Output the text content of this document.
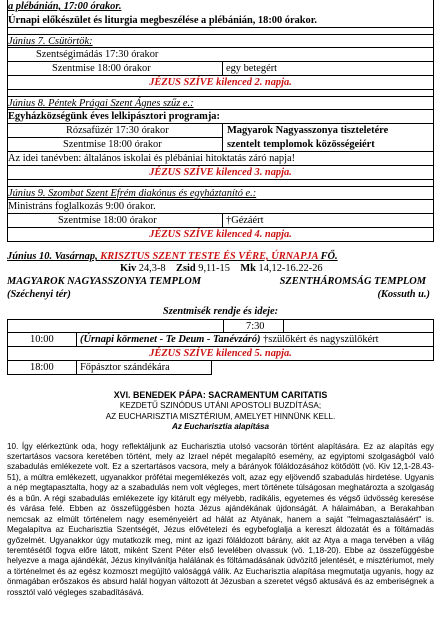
a plébánián, 17:00 órakor.
Úrnapi előkészület és liturgia megbeszélése a plébánián, 18:00 órakor.
Június 7. Csütörtök:
Szentségimádás 17:30 órakor
Szentmise 18:00 órakor	egy betegért
JÉZUS SZÍVE kilenced 2. napja.
Június 8. Péntek Prágai Szent Ágnes szűz e.:
Egyházközségünk éves lelkipásztori programja:
Rózsafüzér 17:30 órakor
Szentmise 18:00 órakor
Magyarok Nagyasszonya tiszteletére
szentelt templomok közösségeiért
Az idei tanévben: általános iskolai és plébániai hitoktatás záró napja!
JÉZUS SZÍVE kilenced 3. napja.
Június 9. Szombat Szent Efrém diakónus és egyháztanító e.:
Ministráns foglalkozás 9:00 órakor.
Szentmise 18:00 órakor	†Gézáért
JÉZUS SZÍVE kilenced 4. napja.
Június 10. Vasárnap, KRISZTUS SZENT TESTE ÉS VÉRE, ÚRNAPJA FŐ.
Kiv 24,3-8 Zsid 9,11-15 Mk 14,12-16.22-26
MAGYAROK NAGYASSZONYA TEMPLOM	SZENTHÁROMSÁG TEMPLOM
(Széchenyi tér)	(Kossuth u.)
Szentmisék rendje és ideje:
7:30
10:00	(Úrnapi körmenet - Te Deum - Tanévzáró) †szülőkért és nagyszülőkért
JÉZUS SZÍVE kilenced 5. napja.
18:00	Főpásztor szándékára
XVI. BENEDEK PÁPA: SACRAMENTUM CARITATIS
KEZDETŰ SZINÓDUS UTÁNI APOSTOLI BUZDÍTÁSA;
AZ EUCHARISZTIA MISZTÉRIUM, AMELYET HINNÜNK KELL.
Az Eucharisztia alapítása

10. Így elérkeztünk oda, hogy reflektáljunk az Eucharisztia utolsó vacsorán történt alapítására. Ez az alapítás egy szertartásos vacsora keretében történt, mely az Izrael népét megalapító esemény, az egyiptomi szolgaságból való szabadulás emlékezete volt. Ez a szertartásos vacsora, mely a bárányok föláldozásához kötődött (vö. Kiv 12,1-28.43-51), a múltra emlékezett, ugyanakkor prófétai megemlékezés volt, azaz egy eljövendő szabadulás hirdetése. Ugyanis a nép megtapasztalta, hogy az a szabadulás nem volt végleges, mert története túlságosan meghatározta a szolgaság és a bűn. A régi szabadulás emlékezete így kitárult egy mélyebb, radikális, egyetemes és végső üdvösség keresése és várása felé. Ebben az összefüggésben hozta Jézus ajándékának újdonságát. A hálaimában, a Berakahban nemcsak az elmúlt történelem nagy eseményeiért ad hálát az Atyának, hanem a saját "felmagasztalásáért" is. Megalapítva az Eucharisztia Szentségét, Jézus elővételezi és egybefoglalja a kereszt áldozatát és a föltámadás győzelmét. Ugyanakkor úgy mutatkozik meg, mint az igazi föláldozott bárány, akit az Atya a maga tervében a világ teremtésétől fogva előre látott, miként Szent Péter első levelében olvassuk (vö. 1,18-20). Ebbe az összefüggésbe helyezve a maga ajándékát, Jézus kinyilvánítja halálának és föltámadásának üdvözítő jelentését, e misztériumot, mely a történelmet és az egész kozmoszt megújító valósággá válik. Az Eucharisztia alapítása megmutatja ugyanis, hogy az önmagában erőszakos és absurd halál hogyan változott át Jézusban a szeretet végső aktusává és az emberiségnek a rossztól való végleges szabadításává.
